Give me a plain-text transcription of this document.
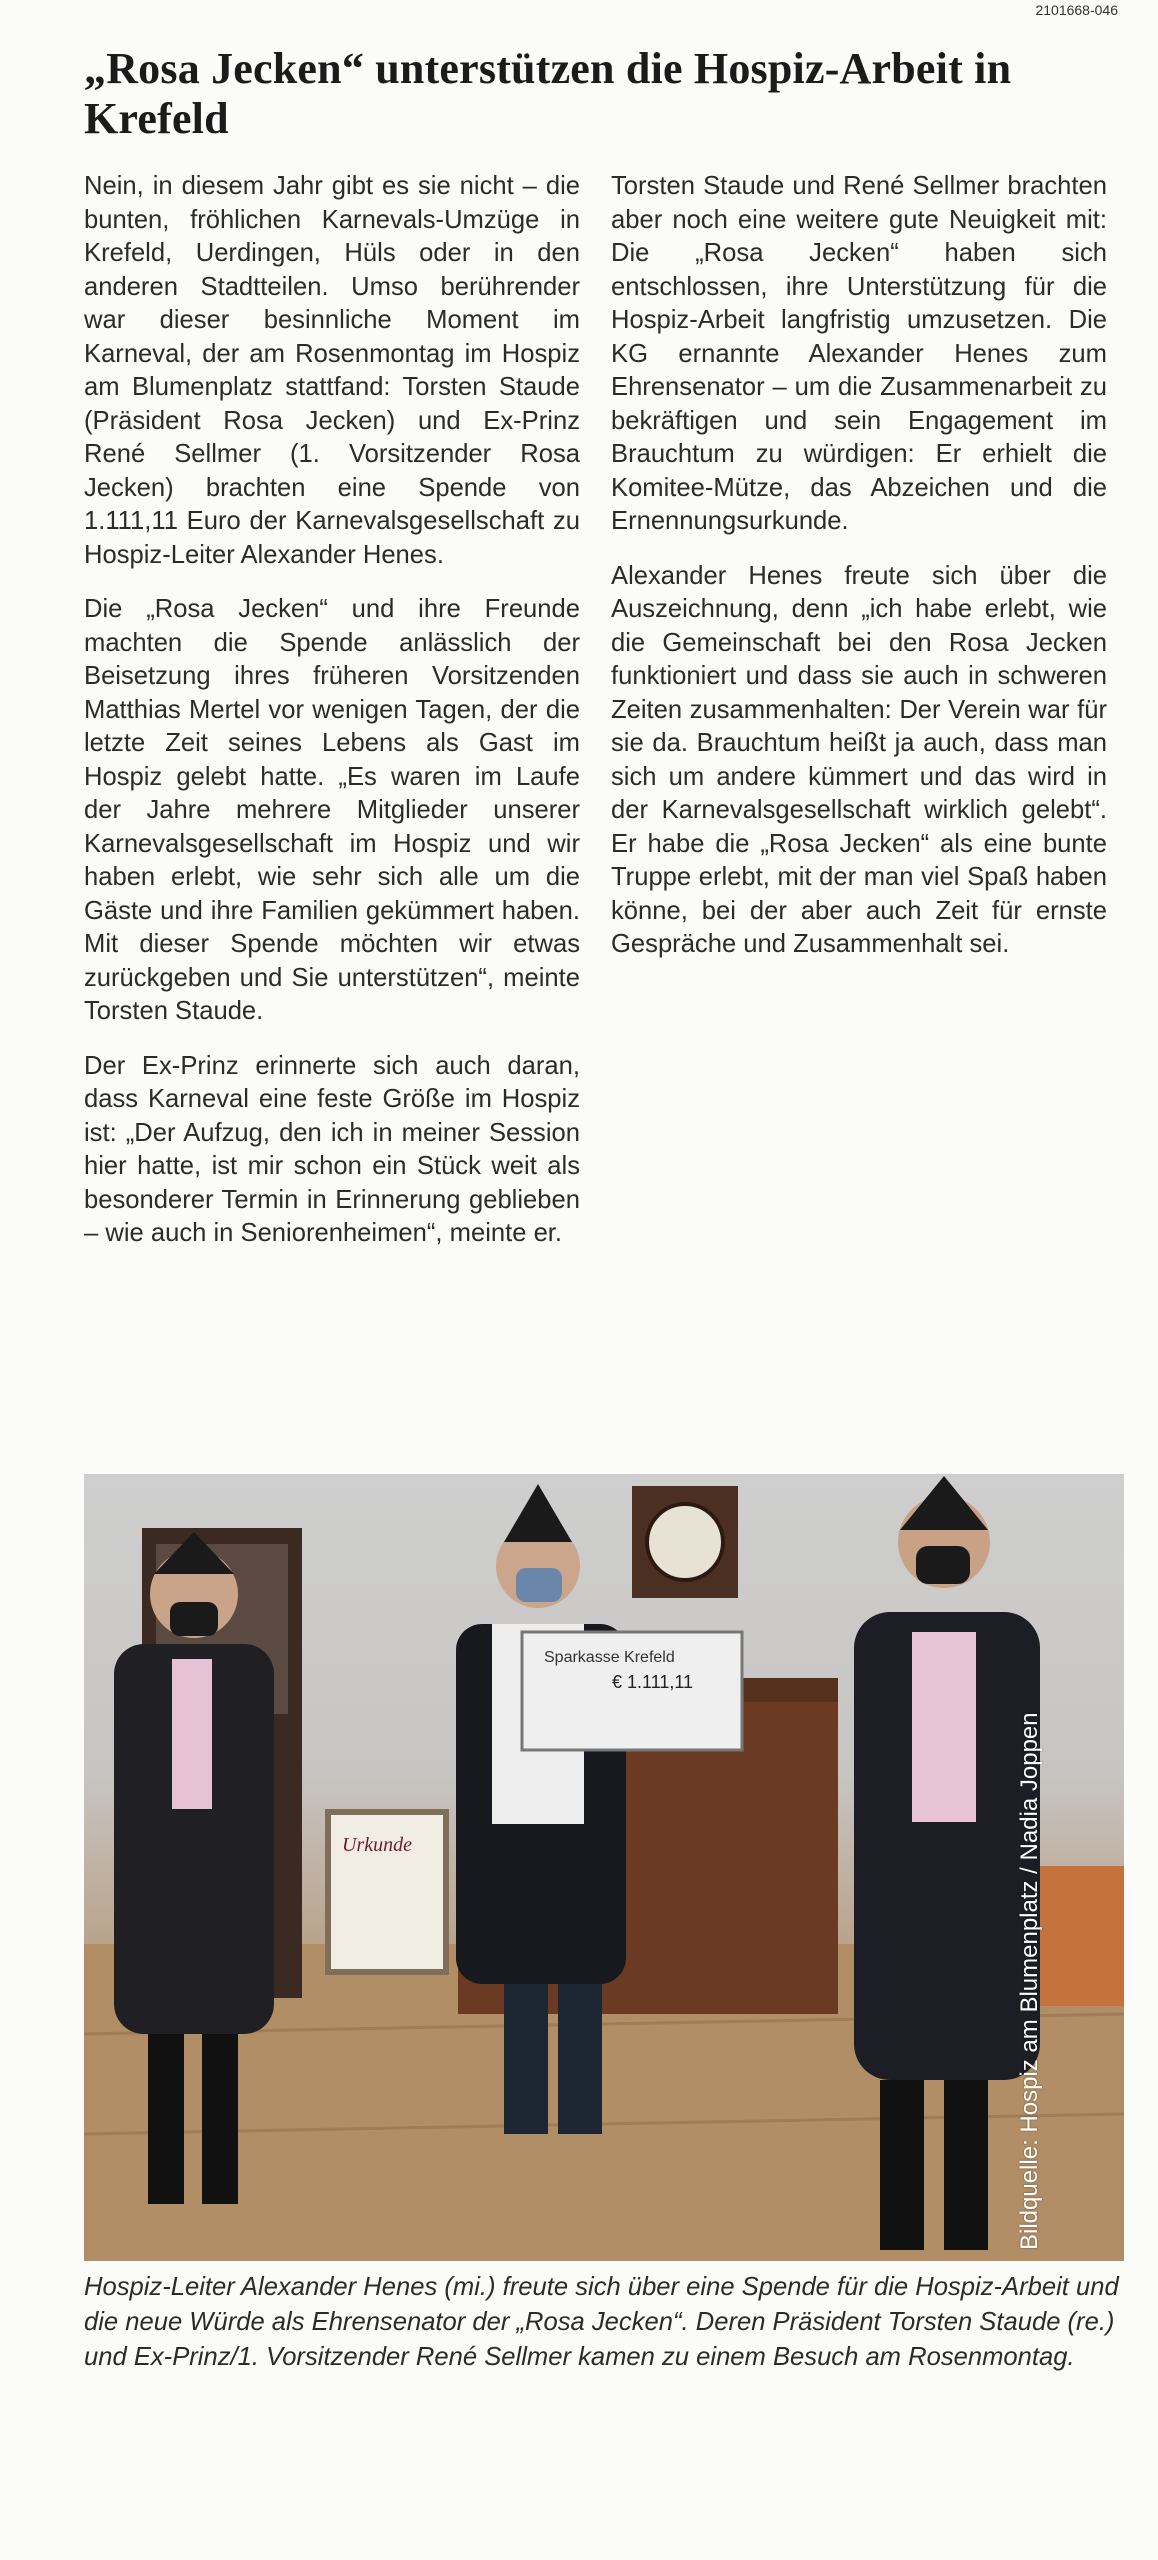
2101668-046

„Rosa Jecken“ unterstützen die Hospiz-Arbeit in Krefeld

Nein, in diesem Jahr gibt es sie nicht – die bunten, fröhlichen Karnevals-Umzüge in Krefeld, Uerdingen, Hüls oder in den anderen Stadtteilen. Umso berührender war dieser besinnliche Moment im Karneval, der am Rosenmontag im Hospiz am Blumenplatz stattfand: Torsten Staude (Präsident Rosa Jecken) und Ex-Prinz René Sellmer (1. Vorsitzender Rosa Jecken) brachten eine Spende von 1.111,11 Euro der Karnevalsgesellschaft zu Hospiz-Leiter Alexander Henes.

Die „Rosa Jecken“ und ihre Freunde machten die Spende anlässlich der Beisetzung ihres früheren Vorsitzenden Matthias Mertel vor wenigen Tagen, der die letzte Zeit seines Lebens als Gast im Hospiz gelebt hatte. „Es waren im Laufe der Jahre mehrere Mitglieder unserer Karnevalsgesellschaft im Hospiz und wir haben erlebt, wie sehr sich alle um die Gäste und ihre Familien gekümmert haben. Mit dieser Spende möchten wir etwas zurückgeben und Sie unterstützen“, meinte Torsten Staude.

Der Ex-Prinz erinnerte sich auch daran, dass Karneval eine feste Größe im Hospiz ist: „Der Aufzug, den ich in meiner Session hier hatte, ist mir schon ein Stück weit als besonderer Termin in Erinnerung geblieben – wie auch in Seniorenheimen“, meinte er.

Torsten Staude und René Sellmer brachten aber noch eine weitere gute Neuigkeit mit: Die „Rosa Jecken“ haben sich entschlossen, ihre Unterstützung für die Hospiz-Arbeit langfristig umzusetzen. Die KG ernannte Alexander Henes zum Ehrensenator – um die Zusammenarbeit zu bekräftigen und sein Engagement im Brauchtum zu würdigen: Er erhielt die Komitee-Mütze, das Abzeichen und die Ernennungsurkunde.

Alexander Henes freute sich über die Auszeichnung, denn „ich habe erlebt, wie die Gemeinschaft bei den Rosa Jecken funktioniert und dass sie auch in schweren Zeiten zusammenhalten: Der Verein war für sie da. Brauchtum heißt ja auch, dass man sich um andere kümmert und das wird in der Karnevalsgesellschaft wirklich gelebt“. Er habe die „Rosa Jecken“ als eine bunte Truppe erlebt, mit der man viel Spaß haben könne, bei der aber auch Zeit für ernste Gespräche und Zusammenhalt sei.

Sparkasse Krefeld
€ 1.111,11
Urkunde	Bildquelle: Hospiz am Blumenplatz / Nadia Joppen

Hospiz-Leiter Alexander Henes (mi.) freute sich über eine Spende für die Hospiz-Arbeit und die neue Würde als Ehrensenator der „Rosa Jecken“. Deren Präsident Torsten Staude (re.) und Ex-Prinz/1. Vorsitzender René Sellmer kamen zu einem Besuch am Rosenmontag.
